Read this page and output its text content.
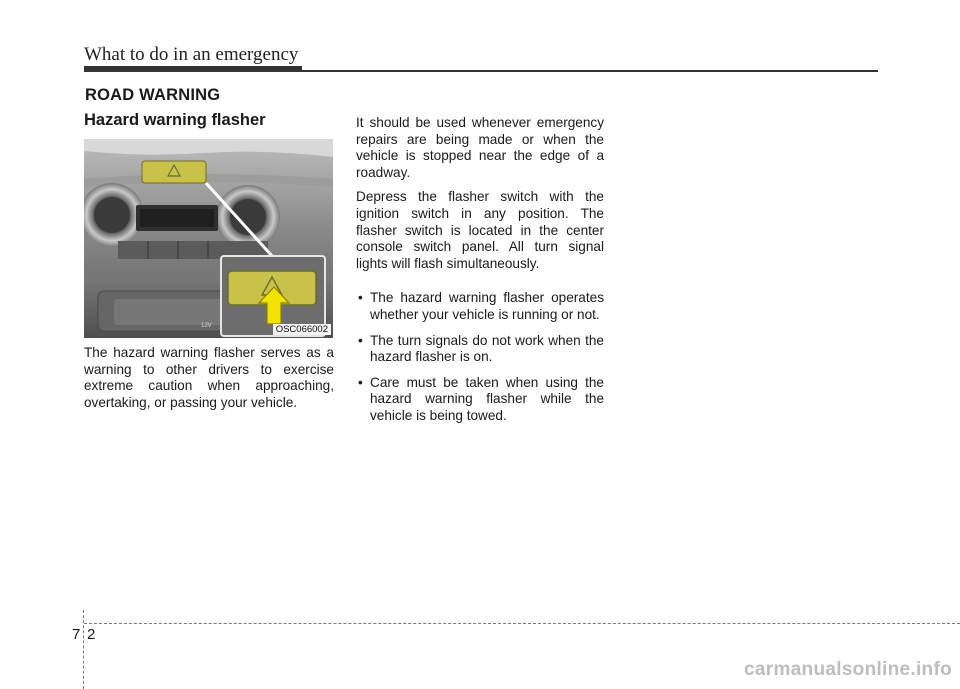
What to do in an emergency
ROAD WARNING
Hazard warning flasher
12V	OSC066002

The hazard warning flasher serves as a warning to other drivers to exercise extreme caution when approaching, overtaking, or passing your vehicle.

It should be used whenever emergency repairs are being made or when the vehicle is stopped near the edge of a roadway.

Depress the flasher switch with the ignition switch in any position. The flasher switch is located in the center console switch panel. All turn signal lights will flash simultaneously.

• The hazard warning flasher operates whether your vehicle is running or not.
• The turn signals do not work when the hazard flasher is on.
• Care must be taken when using the hazard warning flasher while the vehicle is being towed.
7 2
carmanualsonline.info
